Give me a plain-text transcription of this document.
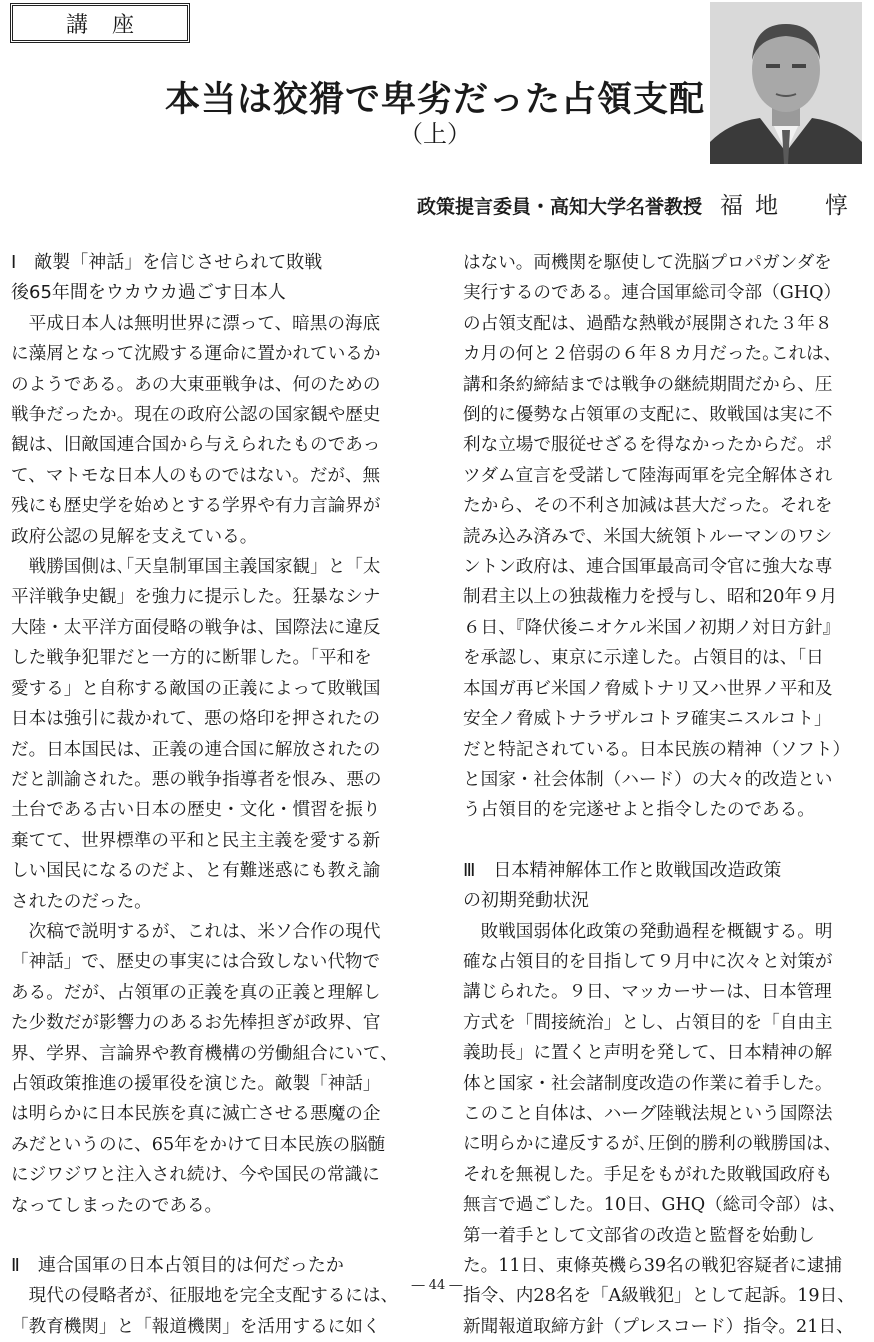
講座
本当は狡猾で卑劣だった占領支配
（上）
政策提言委員・高知大学名誉教授 福地　惇

Ⅰ　敵製「神話」を信じさせられて敗戦

後65年間をウカウカ過ごす日本人

　平成日本人は無明世界に漂って、暗黒の海底

に藻屑となって沈殿する運命に置かれているか

のようである。あの大東亜戦争は、何のための

戦争だったか。現在の政府公認の国家観や歴史

観は、旧敵国連合国から与えられたものであっ

て、マトモな日本人のものではない。だが、無

残にも歴史学を始めとする学界や有力言論界が

政府公認の見解を支えている。

　戦勝国側は､｢天皇制軍国主義国家観」と「太

平洋戦争史観」を強力に提示した。狂暴なシナ

大陸・太平洋方面侵略の戦争は、国際法に違反

した戦争犯罪だと一方的に断罪した。｢平和を

愛する」と自称する敵国の正義によって敗戦国

日本は強引に裁かれて、悪の烙印を押されたの

だ。日本国民は、正義の連合国に解放されたの

だと訓諭された。悪の戦争指導者を恨み、悪の

土台である古い日本の歴史・文化・慣習を振り

棄てて、世界標準の平和と民主主義を愛する新

しい国民になるのだよ、と有難迷惑にも教え諭

されたのだった。

　次稿で説明するが、これは、米ソ合作の現代

「神話」で、歴史の事実には合致しない代物で

ある。だが、占領軍の正義を真の正義と理解し

た少数だが影響力のあるお先棒担ぎが政界、官

界、学界、言論界や教育機構の労働組合にいて、

占領政策推進の援軍役を演じた。敵製「神話」

は明らかに日本民族を真に滅亡させる悪魔の企

みだというのに、65年をかけて日本民族の脳髄

にジワジワと注入され続け、今や国民の常識に

なってしまったのである。

Ⅱ　連合国軍の日本占領目的は何だったか

　現代の侵略者が、征服地を完全支配するには、

「教育機関」と「報道機関」を活用するに如く

はない。両機関を駆使して洗脳プロパガンダを

実行するのである。連合国軍総司令部（GHQ）

の占領支配は、過酷な熱戦が展開された３年８

カ月の何と２倍弱の６年８カ月だった｡これは、

講和条約締結までは戦争の継続期間だから、圧

倒的に優勢な占領軍の支配に、敗戦国は実に不

利な立場で服従せざるを得なかったからだ。ポ

ツダム宣言を受諾して陸海両軍を完全解体され

たから、その不利さ加減は甚大だった。それを

読み込み済みで、米国大統領トルーマンのワシ

ントン政府は、連合国軍最高司令官に強大な専

制君主以上の独裁権力を授与し、昭和20年９月

６日、『降伏後ニオケル米国ノ初期ノ対日方針』

を承認し、東京に示達した。占領目的は、「日

本国ガ再ビ米国ノ脅威トナリ又ハ世界ノ平和及

安全ノ脅威トナラザルコトヲ確実ニスルコト」

だと特記されている。日本民族の精神（ソフト）

と国家・社会体制（ハード）の大々的改造とい

う占領目的を完遂せよと指令したのである。

Ⅲ　日本精神解体工作と敗戦国改造政策

の初期発動状況

　敗戦国弱体化政策の発動過程を概観する。明

確な占領目的を目指して９月中に次々と対策が

講じられた。９日、マッカーサーは、日本管理

方式を「間接統治」とし、占領目的を「自由主

義助長」に置くと声明を発して、日本精神の解

体と国家・社会諸制度改造の作業に着手した。

このこと自体は、ハーグ陸戦法規という国際法

に明らかに違反するが､圧倒的勝利の戦勝国は、

それを無視した。手足をもがれた敗戦国政府も

無言で過ごした。10日、GHQ（総司令部）は、

第一着手として文部省の改造と監督を始動し

た。11日、東條英機ら39名の戦犯容疑者に逮捕

指令、内28名を「A級戦犯」として起訴。19日、

新聞報道取締方針（プレスコード）指令。21日、

― 44 ―
